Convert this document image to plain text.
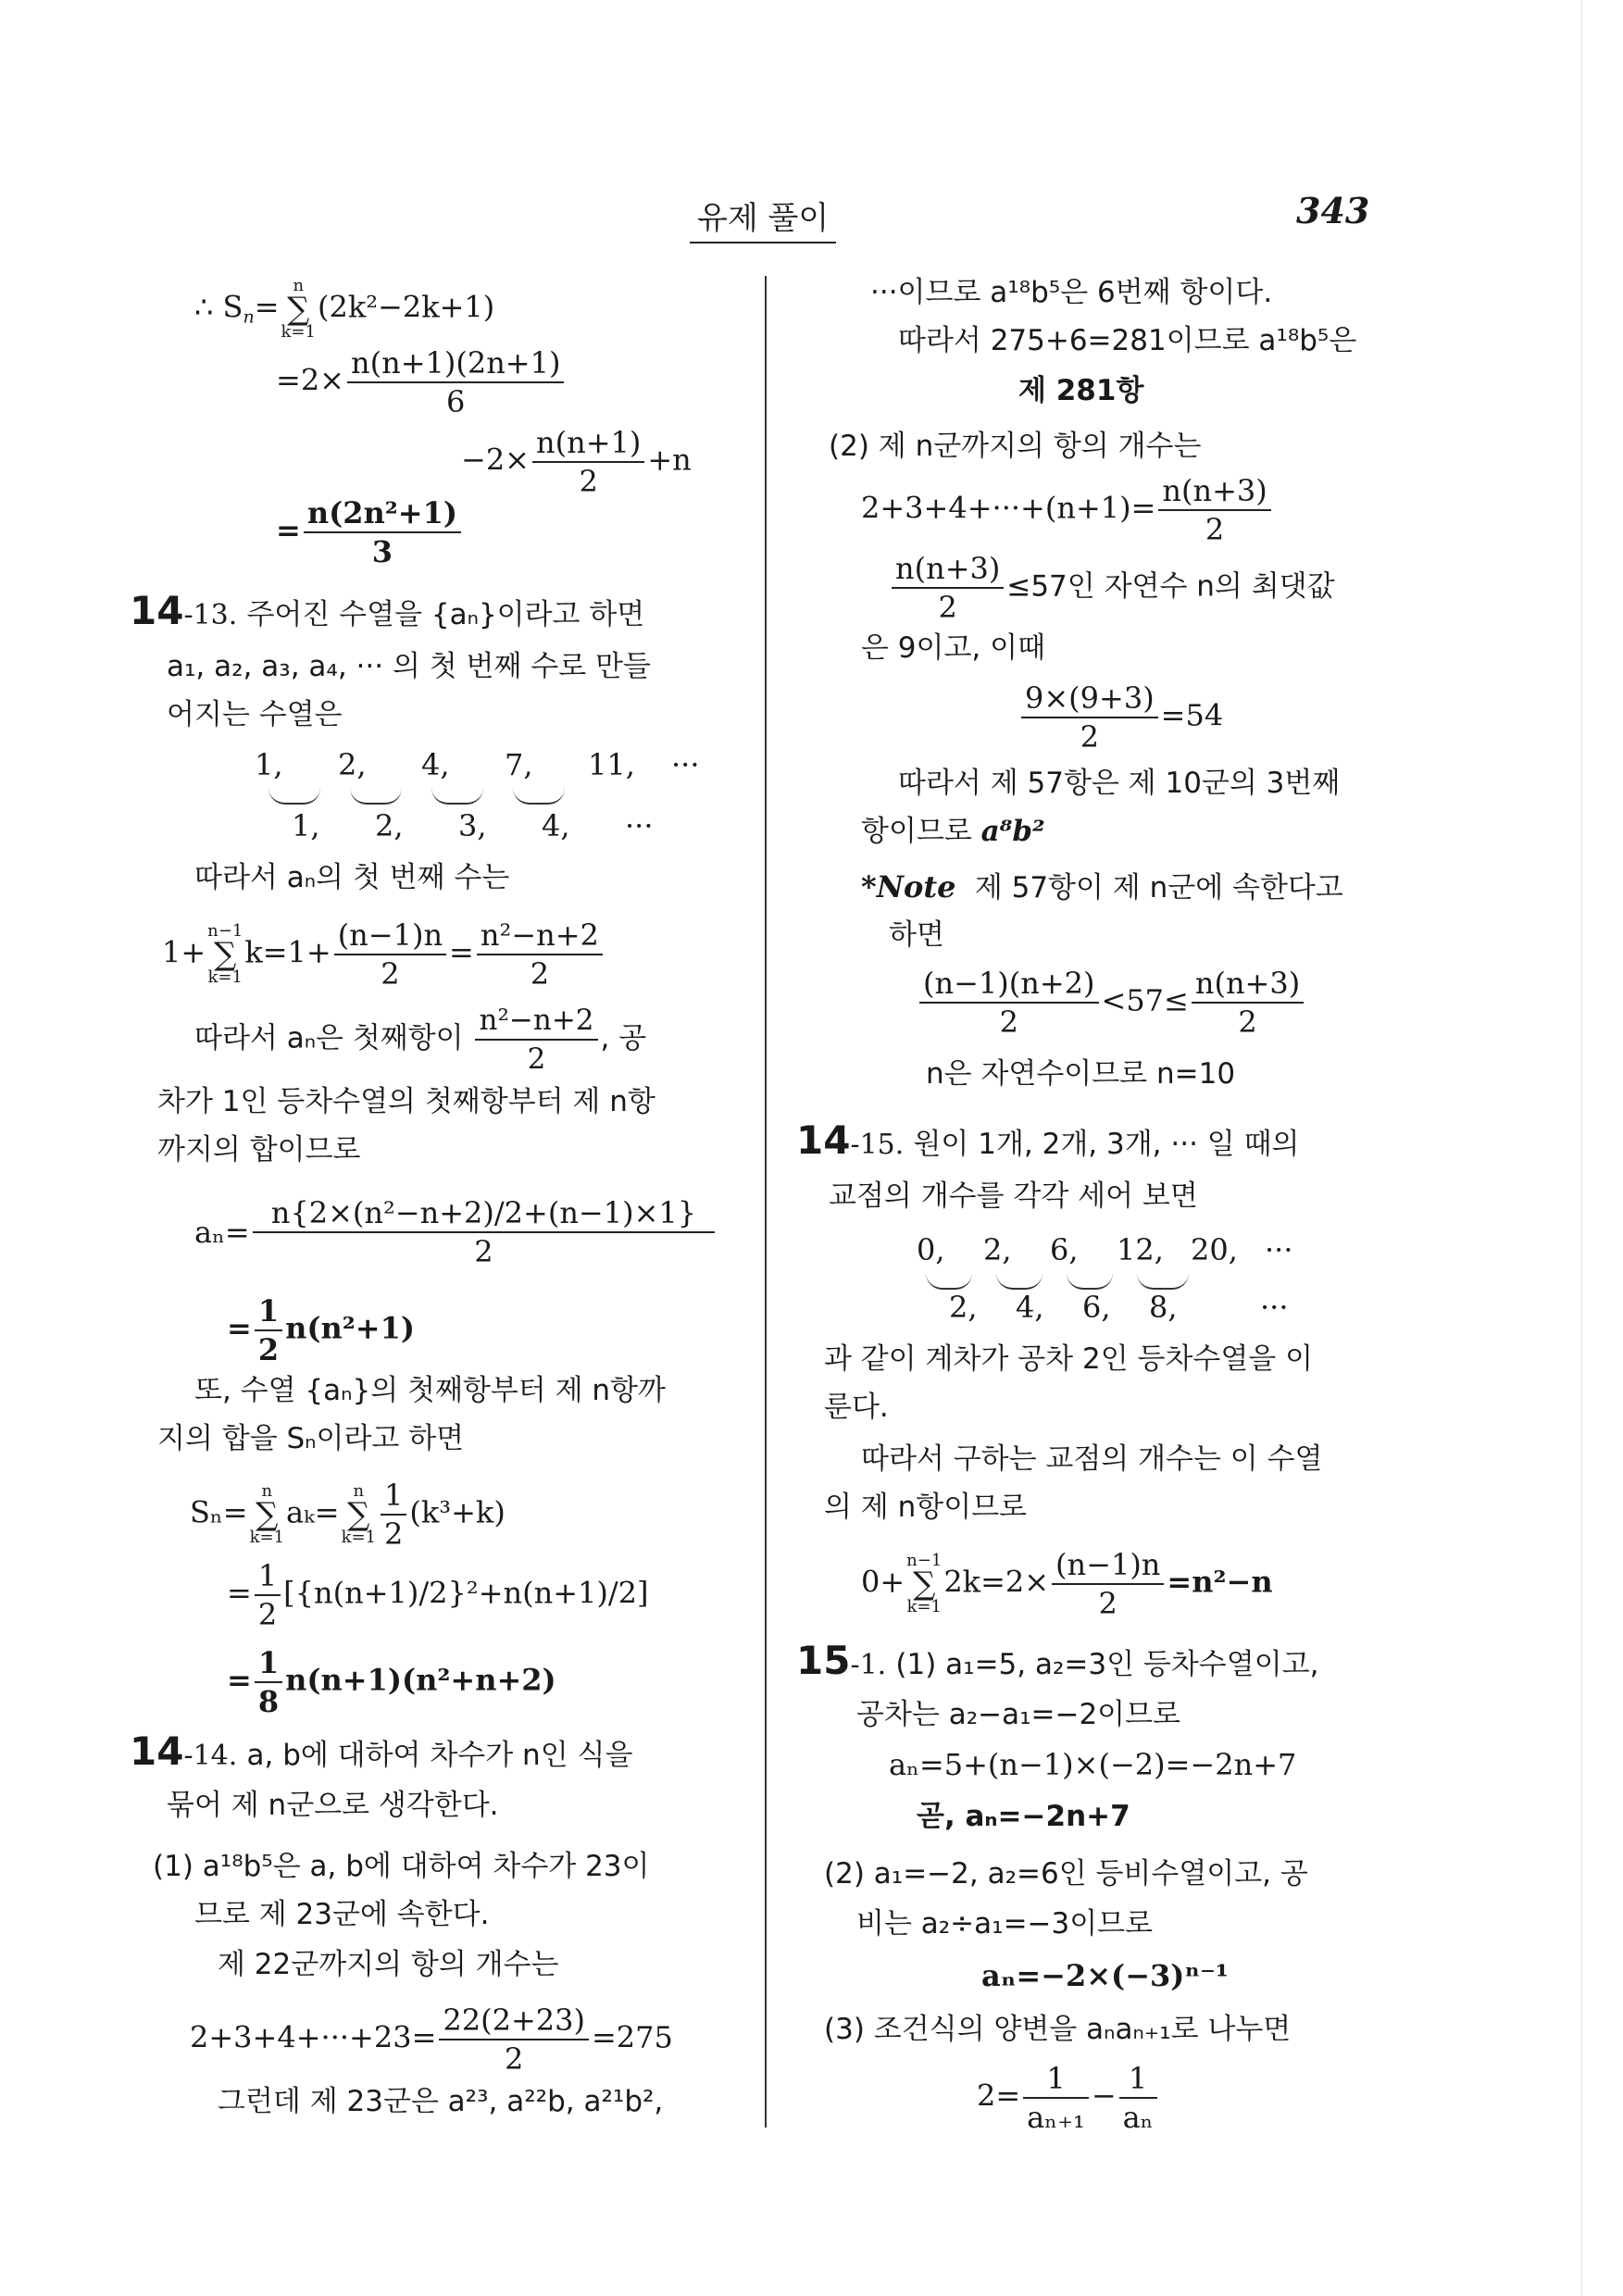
유제 풀이	343
∴ $S_n=n$
∑
k=1(2k²−2k+1)
$=2\times \frac{n(n+1)(2n+1)}{6}$
$-2\times \frac{n(n+1)}{2} +n$
= $\frac{\text{n(2n²+1)}}{3}$
14-13. 주어진 수열을 {aₙ}이라고 하면
a₁, a₂, a₃, a₄, ··· 의 첫 번째 수로 만들
어지는 수열은
1, 2, 4, 7, 11, ···
1, 2, 3, 4, ···
따라서 aₙ의 첫 번째 수는
1+n−1
∑
$k=1k=1+ \frac{(n-1)n}{2} = \frac{\text{n²−n+2}}{2}$
따라서 aₙ은 첫째항이 $\frac{\text{n²−n+2}}{2}$ , 공
차가 1인 등차수열의 첫째항부터 제 n항
까지의 합이므로
$a_n= \frac{\text{n\{2×(n²−n+2)/2+(n−1)×1\}}}{2}$
= $\frac{1}{2} n(n^2+1)$
또, 수열 {aₙ}의 첫째항부터 제 n항까
지의 합을 Sₙ이라고 하면
Sₙ=n
∑
k=1aₖ=n
∑
$k=1 \frac{1}{2} (k^3+k)$
= $\frac{1}{2} [\{n(n+1)/2\}^2+n(n+1)/2]$
= $\frac{1}{8} n(n+1)(n^2+n+2)$
14-14. a, b에 대하여 차수가 n인 식을
묶어 제 n군으로 생각한다.
(1) a¹⁸b⁵은 a, b에 대하여 차수가 23이
므로 제 23군에 속한다.
제 22군까지의 항의 개수는
$2+3+4+\cdot\cdot\cdot+23= \frac{22(2+23)}{2} =275$
그런데 제 23군은 a²³, a²²b, a²¹b²,
···이므로 a¹⁸b⁵은 6번째 항이다.
따라서 275+6=281이므로 a¹⁸b⁵은
제 281항
(2) 제 n군까지의 항의 개수는
$2+3+4+\cdot\cdot\cdot+(n+1)= \frac{n(n+3)}{2}$
$\frac{n(n+3)}{2} \le 57$인 자연수 n의 최댓값
은 9이고, 이때
$\frac{9\times(9+3)}{2} =54$
따라서 제 57항은 제 10군의 3번째
항이므로 a⁸b²
*Note 제 57항이 제 n군에 속한다고
하면
$\frac{(n-1)(n+2)}{2} <57\le \frac{n(n+3)}{2}$
n은 자연수이므로 n=10
14-15. 원이 1개, 2개, 3개, ··· 일 때의
교점의 개수를 각각 세어 보면
0, 2, 6, 12, 20, ···
2, 4, 6, 8,	···
과 같이 계차가 공차 2인 등차수열을 이
룬다.
따라서 구하는 교점의 개수는 이 수열
의 제 n항이므로
0+n−1
∑
$k=12k=2\times \frac{(n-1)n}{2} =n^2-n$
15-1. (1) a₁=5, a₂=3인 등차수열이고,
공차는 a₂−a₁=−2이므로
aₙ=5+(n−1)×(−2)=−2n+7
곧, aₙ=−2n+7
(2) a₁=−2, a₂=6인 등비수열이고, 공
비는 a₂÷a₁=−3이므로
aₙ=−2×(−3)ⁿ⁻¹
(3) 조건식의 양변을 aₙaₙ₊₁로 나누면
$2= \frac{1}{\text{aₙ₊₁}} - \frac{1}{\text{aₙ}}$
